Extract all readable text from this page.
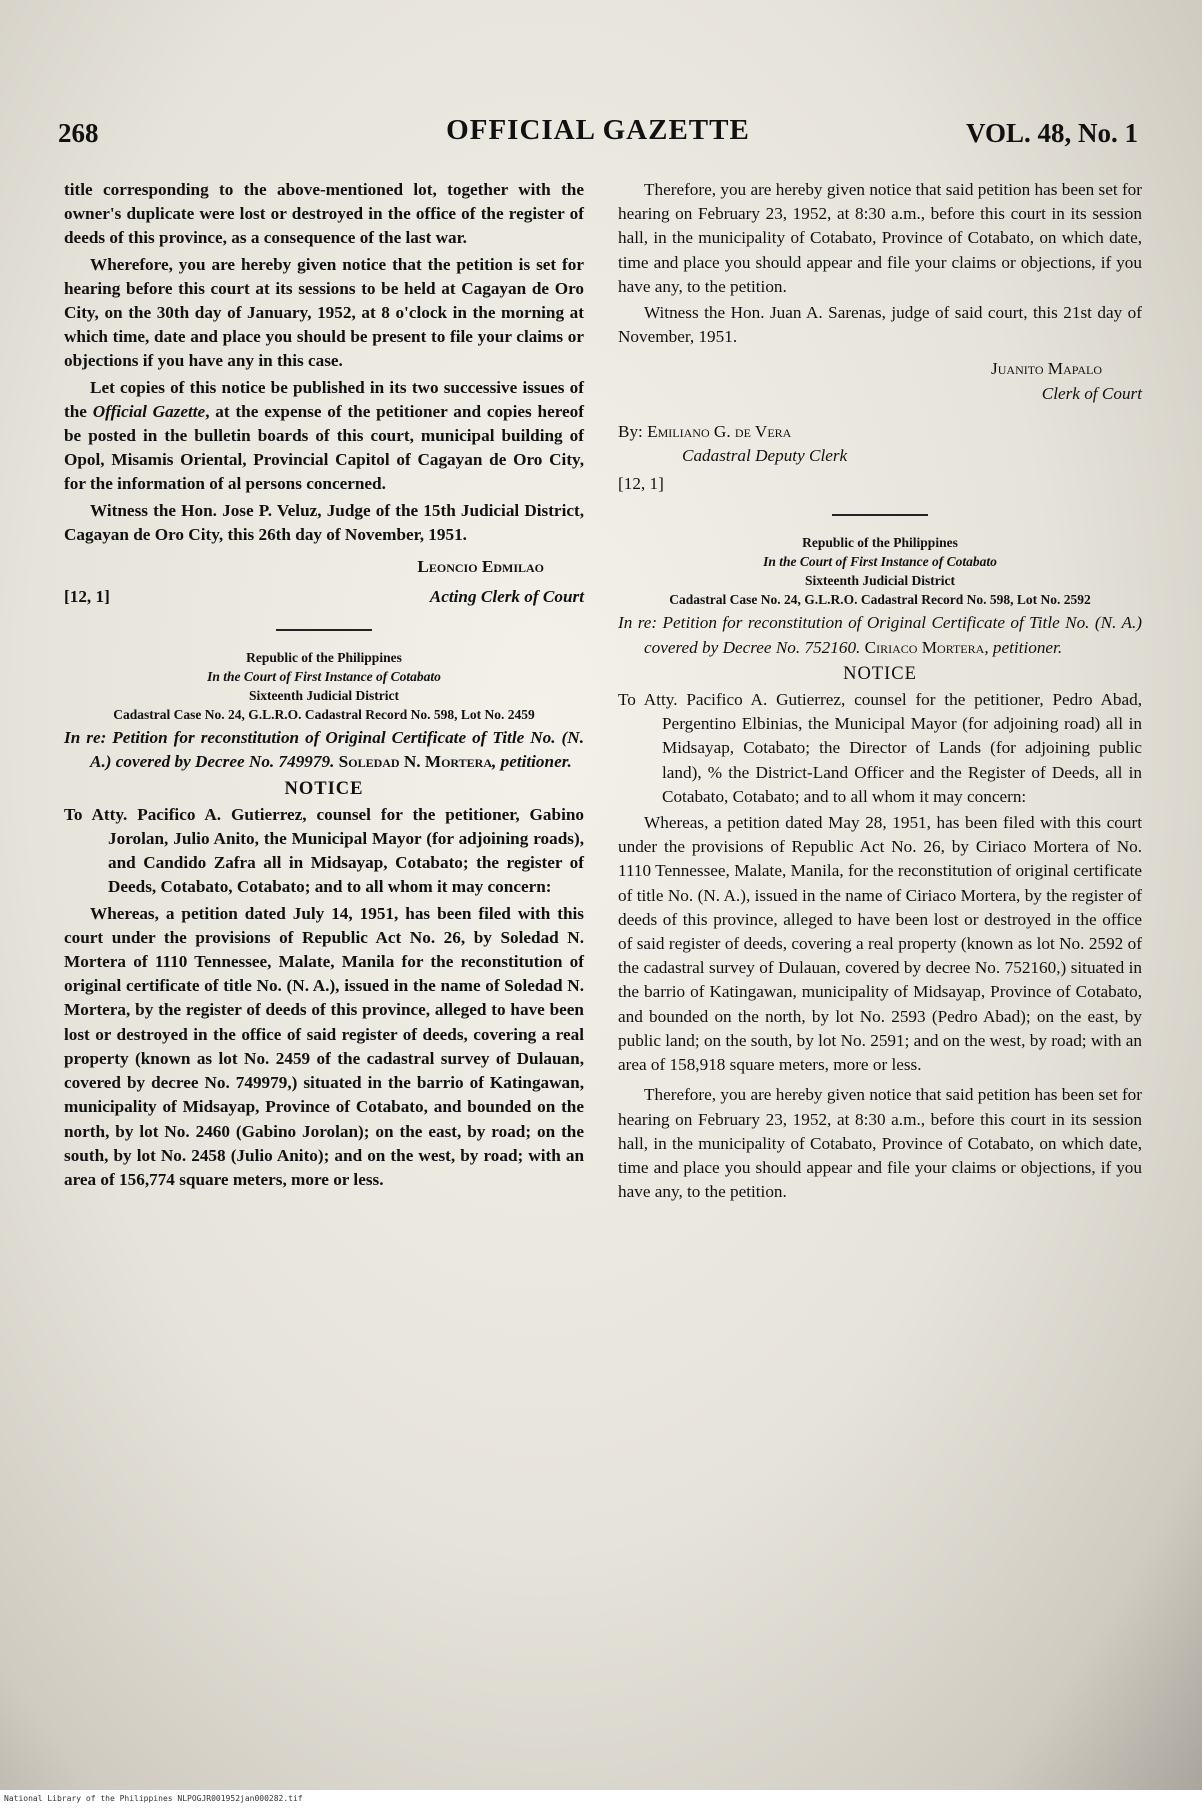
268	OFFICIAL GAZETTE	VOL. 48, No. 1

title corresponding to the above-mentioned lot, together with the owner's duplicate were lost or destroyed in the office of the register of deeds of this province, as a consequence of the last war.

Wherefore, you are hereby given notice that the petition is set for hearing before this court at its sessions to be held at Cagayan de Oro City, on the 30th day of January, 1952, at 8 o'clock in the morning at which time, date and place you should be present to file your claims or objections if you have any in this case.

Let copies of this notice be published in its two successive issues of the Official Gazette, at the expense of the petitioner and copies hereof be posted in the bulletin boards of this court, municipal building of Opol, Misamis Oriental, Provincial Capitol of Cagayan de Oro City, for the information of al persons concerned.

Witness the Hon. Jose P. Veluz, Judge of the 15th Judicial District, Cagayan de Oro City, this 26th day of November, 1951.

Leoncio Edmilao
[12, 1]	Acting Clerk of Court

Republic of the Philippines

In the Court of First Instance of Cotabato

Sixteenth Judicial District

Cadastral Case No. 24, G.L.R.O. Cadastral Record No. 598, Lot No. 2459

In re: Petition for reconstitution of Original Certificate of Title No. (N. A.) covered by Decree No. 749979. Soledad N. Mortera, petitioner.

NOTICE

To Atty. Pacifico A. Gutierrez, counsel for the petitioner, Gabino Jorolan, Julio Anito, the Municipal Mayor (for adjoining roads), and Candido Zafra all in Midsayap, Cotabato; the register of Deeds, Cotabato, Cotabato; and to all whom it may concern:

Whereas, a petition dated July 14, 1951, has been filed with this court under the provisions of Republic Act No. 26, by Soledad N. Mortera of 1110 Tennessee, Malate, Manila for the reconstitution of original certificate of title No. (N. A.), issued in the name of Soledad N. Mortera, by the register of deeds of this province, alleged to have been lost or destroyed in the office of said register of deeds, covering a real property (known as lot No. 2459 of the cadastral survey of Dulauan, covered by decree No. 749979,) situated in the barrio of Katingawan, municipality of Midsayap, Province of Cotabato, and bounded on the north, by lot No. 2460 (Gabino Jorolan); on the east, by road; on the south, by lot No. 2458 (Julio Anito); and on the west, by road; with an area of 156,774 square meters, more or less.

Therefore, you are hereby given notice that said petition has been set for hearing on February 23, 1952, at 8:30 a.m., before this court in its session hall, in the municipality of Cotabato, Province of Cotabato, on which date, time and place you should appear and file your claims or objections, if you have any, to the petition.

Witness the Hon. Juan A. Sarenas, judge of said court, this 21st day of November, 1951.

Juanito Mapalo
Clerk of Court
By: Emiliano G. de Vera
Cadastral Deputy Clerk
[12, 1]

Republic of the Philippines

In the Court of First Instance of Cotabato

Sixteenth Judicial District

Cadastral Case No. 24, G.L.R.O. Cadastral Record No. 598, Lot No. 2592

In re: Petition for reconstitution of Original Certificate of Title No. (N. A.) covered by Decree No. 752160. Ciriaco Mortera, petitioner.

NOTICE

To Atty. Pacifico A. Gutierrez, counsel for the petitioner, Pedro Abad, Pergentino Elbinias, the Municipal Mayor (for adjoining road) all in Midsayap, Cotabato; the Director of Lands (for adjoining public land), % the District-Land Officer and the Register of Deeds, all in Cotabato, Cotabato; and to all whom it may concern:

Whereas, a petition dated May 28, 1951, has been filed with this court under the provisions of Republic Act No. 26, by Ciriaco Mortera of No. 1110 Tennessee, Malate, Manila, for the reconstitution of original certificate of title No. (N. A.), issued in the name of Ciriaco Mortera, by the register of deeds of this province, alleged to have been lost or destroyed in the office of said register of deeds, covering a real property (known as lot No. 2592 of the cadastral survey of Dulauan, covered by decree No. 752160,) situated in the barrio of Katingawan, municipality of Midsayap, Province of Cotabato, and bounded on the north, by lot No. 2593 (Pedro Abad); on the east, by public land; on the south, by lot No. 2591; and on the west, by road; with an area of 158,918 square meters, more or less.

Therefore, you are hereby given notice that said petition has been set for hearing on February 23, 1952, at 8:30 a.m., before this court in its session hall, in the municipality of Cotabato, Province of Cotabato, on which date, time and place you should appear and file your claims or objections, if you have any, to the petition.

National Library of the Philippines NLPOGJR001952jan000282.tif
